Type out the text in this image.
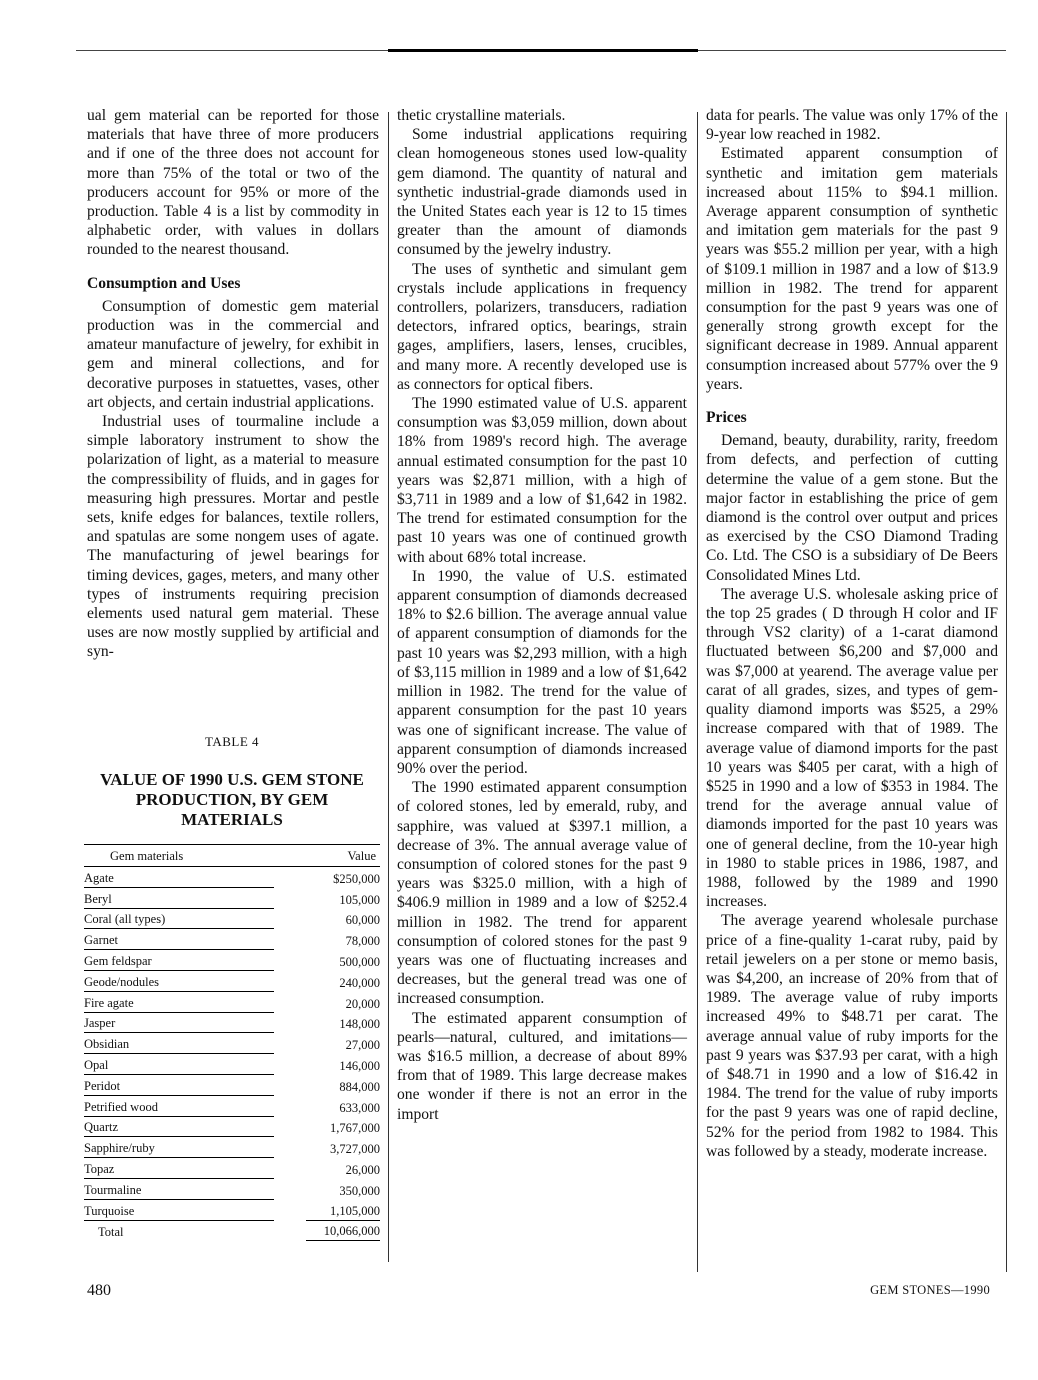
ual gem material can be reported for those materials that have three of more producers and if one of the three does not account for more than 75% of the total or two of the producers account for 95% or more of the production. Table 4 is a list by commodity in alphabetic order, with values in dollars rounded to the nearest thousand.

Consumption and Uses

Consumption of domestic gem material production was in the commercial and amateur manufacture of jewelry, for exhibit in gem and mineral collections, and for decorative purposes in statuettes, vases, other art objects, and certain industrial applications.

Industrial uses of tourmaline include a simple laboratory instrument to show the polarization of light, as a material to measure the compressibility of fluids, and in gages for measuring high pressures. Mortar and pestle sets, knife edges for balances, textile rollers, and spatulas are some nongem uses of agate. The manufacturing of jewel bearings for timing devices, gages, meters, and many other types of instruments requiring precision elements used natural gem material. These uses are now mostly supplied by artificial and syn-

TABLE 4
VALUE OF 1990 U.S. GEM STONE PRODUCTION, BY GEM MATERIALS
Gem materials	Value
Agate	$250,000
Beryl	105,000
Coral (all types)	60,000
Garnet	78,000
Gem feldspar	500,000
Geode/nodules	240,000
Fire agate	20,000
Jasper	148,000
Obsidian	27,000
Opal	146,000
Peridot	884,000
Petrified wood	633,000
Quartz	1,767,000
Sapphire/ruby	3,727,000
Topaz	26,000
Tourmaline	350,000
Turquoise	1,105,000
Total	10,066,000

thetic crystalline materials.

Some industrial applications requiring clean homogeneous stones used low-quality gem diamond. The quantity of natural and synthetic industrial-grade diamonds used in the United States each year is 12 to 15 times greater than the amount of diamonds consumed by the jewelry industry.

The uses of synthetic and simulant gem crystals include applications in frequency controllers, polarizers, transducers, radiation detectors, infrared optics, bearings, strain gages, amplifiers, lasers, lenses, crucibles, and many more. A recently developed use is as connectors for optical fibers.

The 1990 estimated value of U.S. apparent consumption was $3,059 million, down about 18% from 1989's record high. The average annual estimated consumption for the past 10 years was $2,871 million, with a high of $3,711 in 1989 and a low of $1,642 in 1982. The trend for estimated consumption for the past 10 years was one of continued growth with about 68% total increase.

In 1990, the value of U.S. estimated apparent consumption of diamonds decreased 18% to $2.6 billion. The average annual value of apparent consumption of diamonds for the past 10 years was $2,293 million, with a high of $3,115 million in 1989 and a low of $1,642 million in 1982. The trend for the value of apparent consumption for the past 10 years was one of significant increase. The value of apparent consumption of diamonds increased 90% over the period.

The 1990 estimated apparent consumption of colored stones, led by emerald, ruby, and sapphire, was valued at $397.1 million, a decrease of 3%. The annual average value of consumption of colored stones for the past 9 years was $325.0 million, with a high of $406.9 million in 1989 and a low of $252.4 million in 1982. The trend for apparent consumption of colored stones for the past 9 years was one of fluctuating increases and decreases, but the general tread was one of increased consumption.

The estimated apparent consumption of pearls—natural, cultured, and imitations—was $16.5 million, a decrease of about 89% from that of 1989. This large decrease makes one wonder if there is not an error in the import

data for pearls. The value was only 17% of the 9-year low reached in 1982.

Estimated apparent consumption of synthetic and imitation gem materials increased about 115% to $94.1 million. Average apparent consumption of synthetic and imitation gem materials for the past 9 years was $55.2 million per year, with a high of $109.1 million in 1987 and a low of $13.9 million in 1982. The trend for apparent consumption for the past 9 years was one of generally strong growth except for the significant decrease in 1989. Annual apparent consumption increased about 577% over the 9 years.

Prices

Demand, beauty, durability, rarity, freedom from defects, and perfection of cutting determine the value of a gem stone. But the major factor in establishing the price of gem diamond is the control over output and prices as exercised by the CSO Diamond Trading Co. Ltd. The CSO is a subsidiary of De Beers Consolidated Mines Ltd.

The average U.S. wholesale asking price of the top 25 grades ( D through H color and IF through VS2 clarity) of a 1-carat diamond fluctuated between $6,200 and $7,000 and was $7,000 at yearend. The average value per carat of all grades, sizes, and types of gem-quality diamond imports was $525, a 29% increase compared with that of 1989. The average value of diamond imports for the past 10 years was $405 per carat, with a high of $525 in 1990 and a low of $353 in 1984. The trend for the average annual value of diamonds imported for the past 10 years was one of general decline, from the 10-year high in 1980 to stable prices in 1986, 1987, and 1988, followed by the 1989 and 1990 increases.

The average yearend wholesale purchase price of a fine-quality 1-carat ruby, paid by retail jewelers on a per stone or memo basis, was $4,200, an increase of 20% from that of 1989. The average value of ruby imports increased 49% to $48.71 per carat. The average annual value of ruby imports for the past 9 years was $37.93 per carat, with a high of $48.71 in 1990 and a low of $16.42 in 1984. The trend for the value of ruby imports for the past 9 years was one of rapid decline, 52% for the period from 1982 to 1984. This was followed by a steady, moderate increase.

480	GEM STONES—1990
